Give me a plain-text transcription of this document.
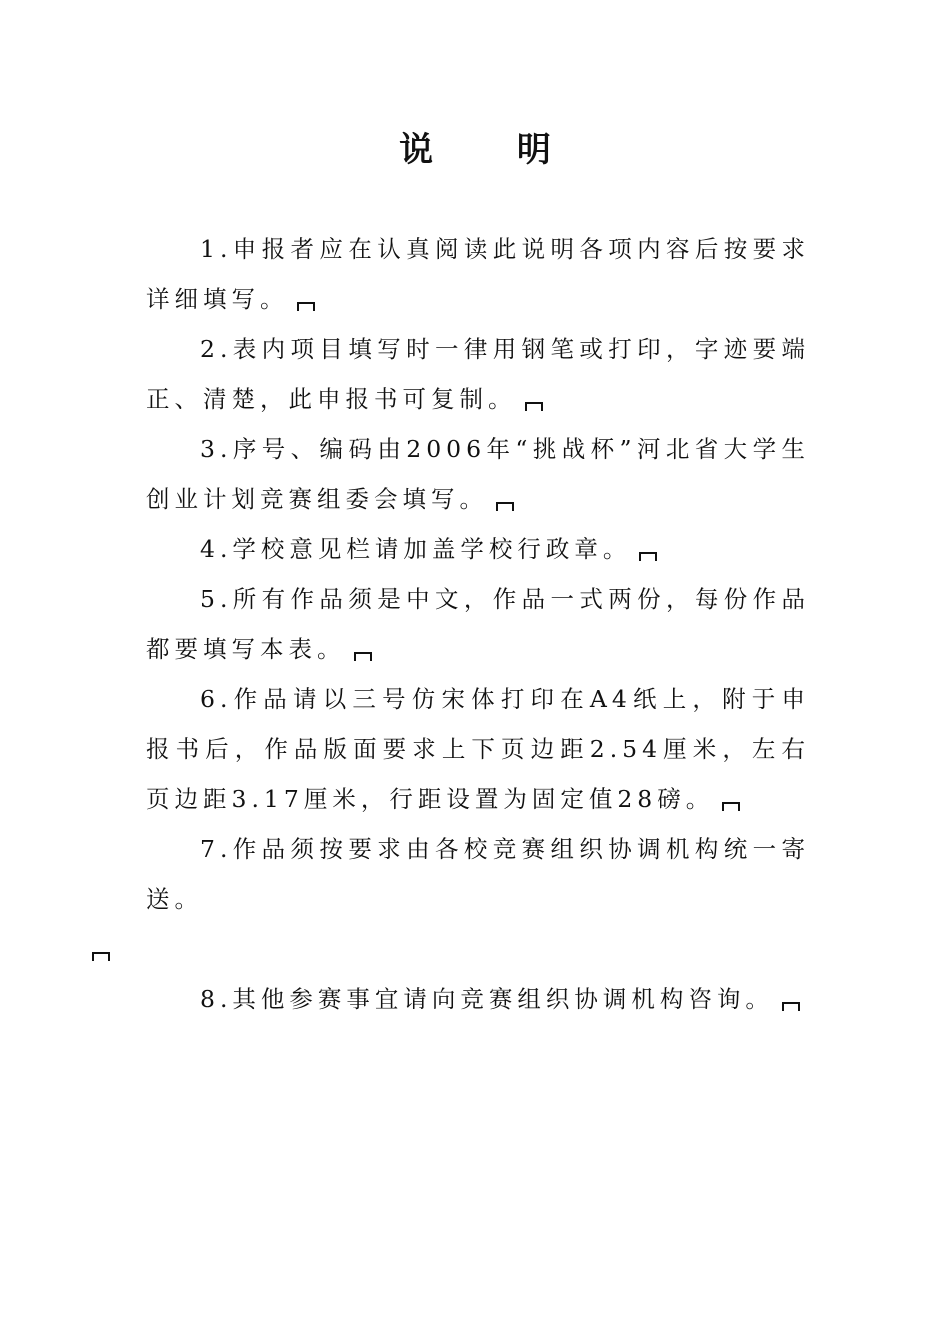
说 明

1.申报者应在认真阅读此说明各项内容后按要求详细填写。

2.表内项目填写时一律用钢笔或打印，字迹要端正、清楚，此申报书可复制。

3.序号、编码由2006年“挑战杯”河北省大学生创业计划竞赛组委会填写。

4.学校意见栏请加盖学校行政章。

5.所有作品须是中文，作品一式两份，每份作品都要填写本表。

6.作品请以三号仿宋体打印在A4纸上，附于申报书后，作品版面要求上下页边距2.54厘米，左右页边距3.17厘米，行距设置为固定值28磅。

7.作品须按要求由各校竞赛组织协调机构统一寄送。

8.其他参赛事宜请向竞赛组织协调机构咨询。
